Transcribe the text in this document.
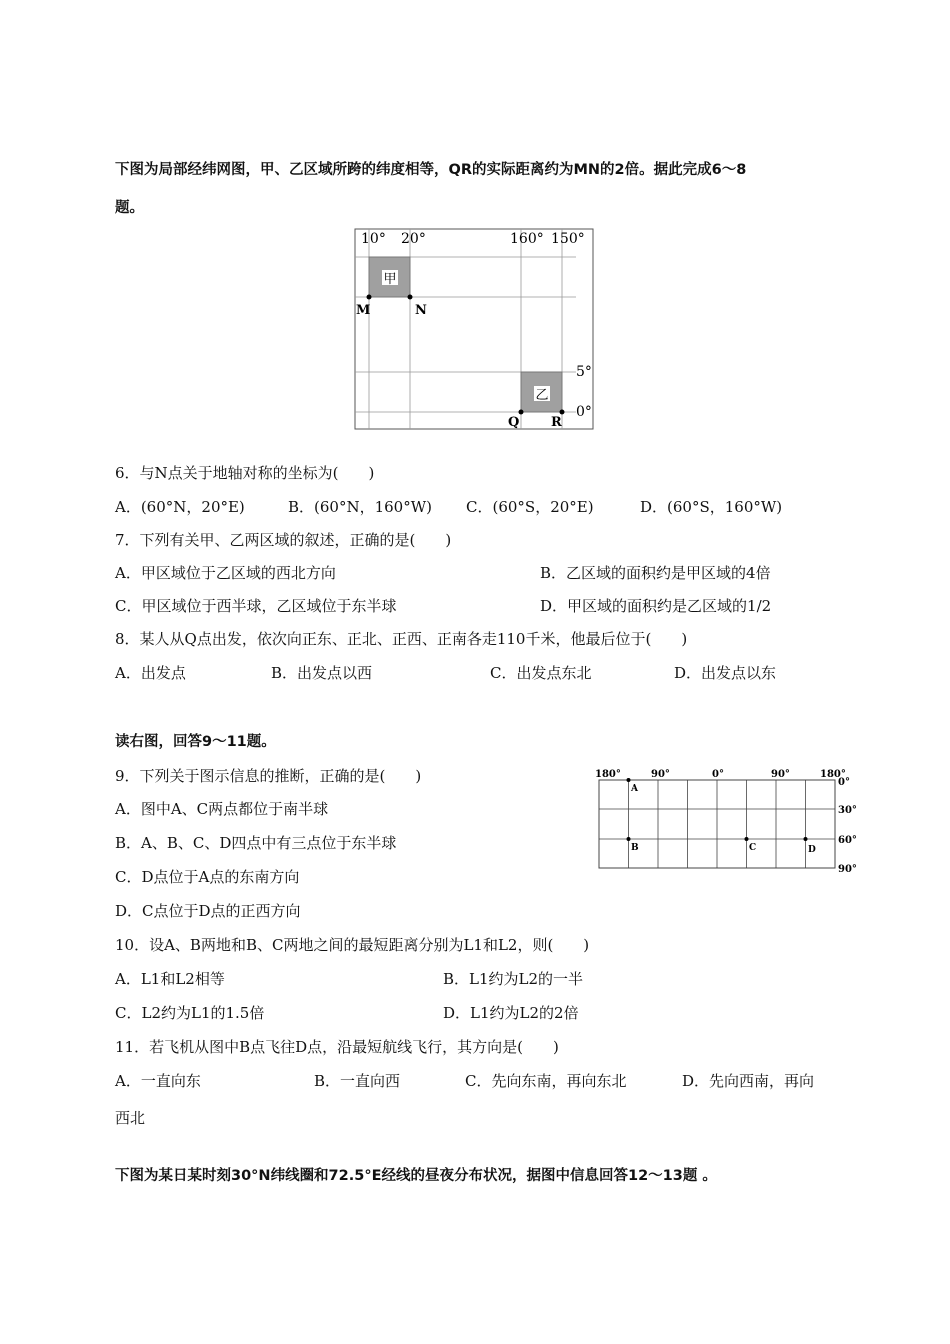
下图为局部经纬网图，甲、乙区域所跨的纬度相等，QR的实际距离约为MN的2倍。据此完成6～8
题。
甲
乙
10° 20°	160° 150°
5°
0°
M	N
Q R
6．与N点关于地轴对称的坐标为(　　)
A．(60°N，20°E)	B．(60°N，160°W) C．(60°S，20°E)	D．(60°S，160°W)
7．下列有关甲、乙两区域的叙述，正确的是(　　)
A．甲区域位于乙区域的西北方向	B．乙区域的面积约是甲区域的4倍
C．甲区域位于西半球，乙区域位于东半球	D．甲区域的面积约是乙区域的1/2
8．某人从Q点出发，依次向正东、正北、正西、正南各走110千米，他最后位于(　　)
A．出发点	B．出发点以西	C．出发点东北	D．出发点以东
读右图，回答9～11题。
180°	90°	0°	90°	180°
0°
30°
60°
90°
A
B	C	D
9．下列关于图示信息的推断，正确的是(　　)
A．图中A、C两点都位于南半球
B．A、B、C、D四点中有三点位于东半球
C．D点位于A点的东南方向
D．C点位于D点的正西方向
10．设A、B两地和B、C两地之间的最短距离分别为L1和L2，则(　　)
A．L1和L2相等	B．L1约为L2的一半
C．L2约为L1的1.5倍	D．L1约为L2的2倍
11．若飞机从图中B点飞往D点，沿最短航线飞行，其方向是(　　)
A．一直向东	B．一直向西	C．先向东南，再向东北	D．先向西南，再向
西北
下图为某日某时刻30°N纬线圈和72.5°E经线的昼夜分布状况，据图中信息回答12～13题 。
